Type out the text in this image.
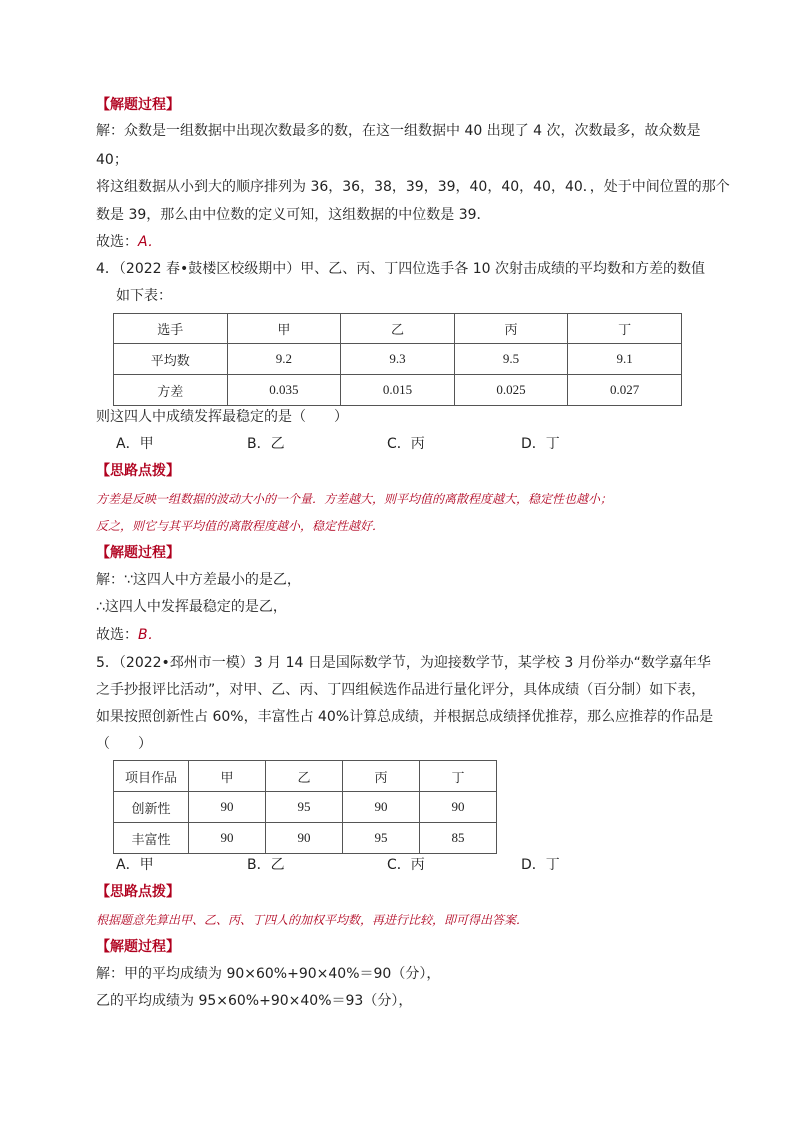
【解题过程】
解：众数是一组数据中出现次数最多的数，在这一组数据中 40 出现了 4 次，次数最多，故众数是
40；
将这组数据从小到大的顺序排列为 36，36，38，39，39，40，40，40，40．，处于中间位置的那个
数是 39，那么由中位数的定义可知，这组数据的中位数是 39．
故选：A．
4．（2022 春•鼓楼区校级期中）甲、乙、丙、丁四位选手各 10 次射击成绩的平均数和方差的数值
如下表：
选手	甲	乙	丙	丁
平均数	9.2	9.3	9.5	9.1
方差	0.035	0.015	0.025	0.027
则这四人中成绩发挥最稳定的是（　　）
A．甲	B．乙	C．丙	D．丁
【思路点拨】
方差是反映一组数据的波动大小的一个量．方差越大，则平均值的离散程度越大，稳定性也越小；
反之，则它与其平均值的离散程度越小，稳定性越好．
【解题过程】
解：∵这四人中方差最小的是乙，
∴这四人中发挥最稳定的是乙，
故选：B．
5．（2022•邳州市一模）3 月 14 日是国际数学节，为迎接数学节，某学校 3 月份举办“数学嘉年华
之手抄报评比活动”，对甲、乙、丙、丁四组候选作品进行量化评分，具体成绩（百分制）如下表，
如果按照创新性占 60%，丰富性占 40%计算总成绩，并根据总成绩择优推荐，那么应推荐的作品是
（　　）
项目作品	甲	乙	丙	丁
创新性	90	95	90	90
丰富性	90	90	95	85
A．甲	B．乙	C．丙	D．丁
【思路点拨】
根据题意先算出甲、乙、丙、丁四人的加权平均数，再进行比较，即可得出答案．
【解题过程】
解：甲的平均成绩为 90×60%+90×40%＝90（分），
乙的平均成绩为 95×60%+90×40%＝93（分），
